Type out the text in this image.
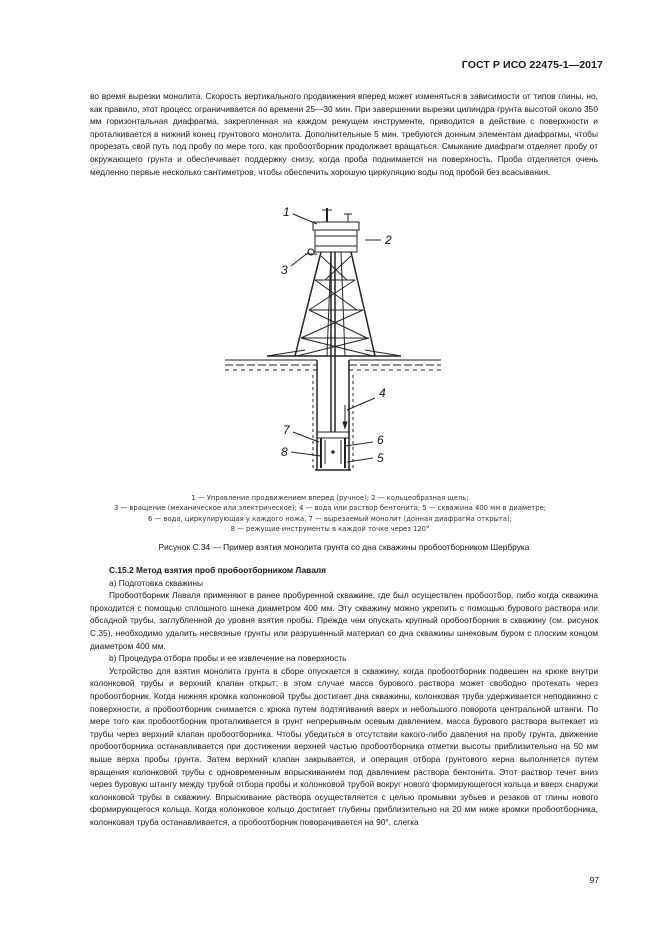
ГОСТ Р ИСО 22475-1—2017

во время вырезки монолита. Скорость вертикального продвижения вперед может изменяться в зависимости от типов глины, но, как правило, этот процесс ограничивается по времени 25—30 мин. При завершении вырезки цилиндра грунта высотой около 350 мм горизонтальная диафрагма, закрепленная на каждом режущем инструменте, приводится в действие с поверхности и проталкивается в нижний конец грунтового монолита. Дополнительные 5 мин. требуются донным элементам диафрагмы, чтобы прорезать свой путь под пробу по мере того, как пробоотборник продолжает вращаться. Смыкание диафрагм отделяет пробу от окружающего грунта и обеспечивает поддержку снизу, когда проба поднимается на поверхность. Проба отделяется очень медленно первые несколько сантиметров, чтобы обеспечить хорошую циркуляцию воды под пробой без всасывания.

1
2
3
4
5
6
7
8

1 — Управление продвижением вперед (ручное); 2 — кольцеобразная щель;

3 — вращение (механическое или электрическое); 4 — вода или раствор бентонита; 5 — скважина 400 мм в диаметре;

6 — вода, циркулирующая у каждого ножа, 7 — вырезаемый монолит (донная диафрагма открыта);

8 — режущие инструменты в каждой точке через 120°

Рисунок С.34 — Пример взятия монолита грунта со дна скважины пробоотборником Шербрука

С.15.2 Метод взятия проб пробоотборником Лаваля

а) Подготовка скважины

Пробоотборник Лаваля применяют в ранее пробуренной скважине, где был осуществлен пробоотбор, либо когда скважина проходится с помощью сплошного шнека диаметром 400 мм. Эту скважину можно укрепить с помощью бурового раствора или обсадной трубы, заглубленной до уровня взятия пробы. Прежде чем опускать крупный пробоотборник в скважину (см. рисунок С.35), необходимо удалить несвязные грунты или разрушенный материал со дна скважины шнековым буром с плоским концом диаметром 400 мм.

b) Процедура отбора пробы и ее извлечение на поверхность

Устройство для взятия монолита грунта в сборе опускается в скважину, когда пробоотборник подвешен на крюке внутри колонковой трубы и верхний клапан открыт; в этом случае масса бурового раствора может свободно протекать через пробоотборник. Когда нижняя кромка колонковой трубы достигает дна скважины, колонковая труба удерживается неподвижно с поверхности, а пробоотборник снимается с крюка путем подтягивания вверх и небольшого поворота центральной штанги. По мере того как пробоотборник проталкивается в грунт непрерывным осевым давлением, масса бурового раствора вытекает из трубы через верхний клапан пробоотборника. Чтобы убедиться в отсутствии какого-либо давления на пробу грунта, движение пробоотборника останавливается при достижении верхней частью пробоотборника отметки высоты приблизительно на 50 мм выше верха пробы грунта. Затем верхний клапан закрывается, и операция отбора грунтового керна выполняется путем вращения колонковой трубы с одновременным впрыскиванием под давлением раствора бентонита. Этот раствор течет вниз через буровую штангу между трубой отбора пробы и колонковой трубой вокруг нового формирующегося кольца и вверх снаружи колонковой трубы в скважину. Впрыскивание раствора осуществляется с целью промывки зубьев и резаков от глины нового формирующегося кольца. Когда колонковое кольцо достигает глубины приблизительно на 20 мм ниже кромки пробоотборника, колонковая труба останавливается, а пробоотборник поворачивается на 90°, слегка

97
